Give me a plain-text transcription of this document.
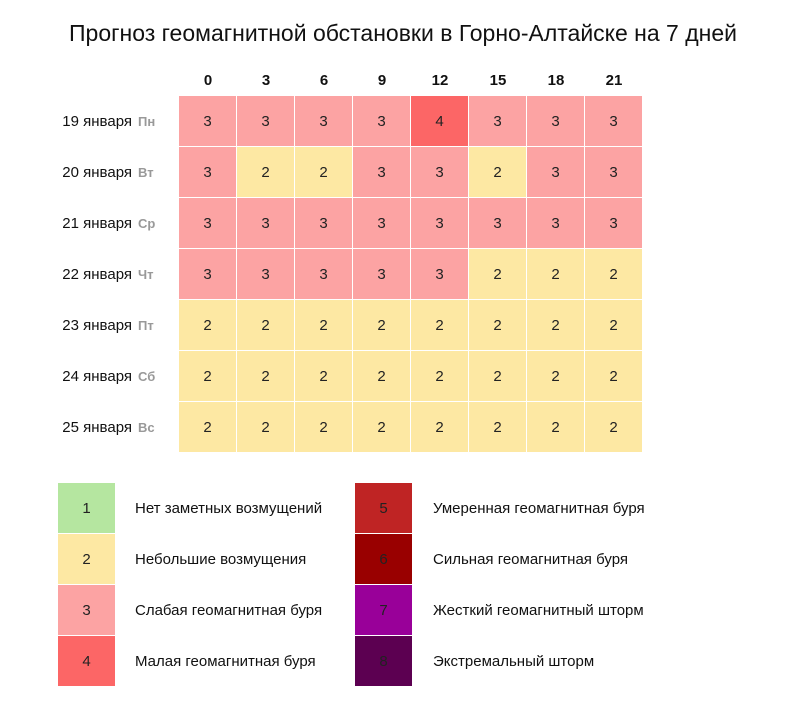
Прогноз геомагнитной обстановки в Горно-Алтайске на 7 дней
0	3	6	9	12	15	18	21
19 января Пн	3	3	3	3	4	3	3	3
20 января Вт	3	2	2	3	3	2	3	3
21 января Ср	3	3	3	3	3	3	3	3
22 января Чт	3	3	3	3	3	2	2	2
23 января Пт	2	2	2	2	2	2	2	2
24 января Сб	2	2	2	2	2	2	2	2
25 января Вс	2	2	2	2	2	2	2	2
1	Нет заметных возмущений
2	Небольшие возмущения
3	Слабая геомагнитная буря
4	Малая геомагнитная буря
5	Умеренная геомагнитная буря
6	Сильная геомагнитная буря
7	Жесткий геомагнитный шторм
8	Экстремальный шторм
